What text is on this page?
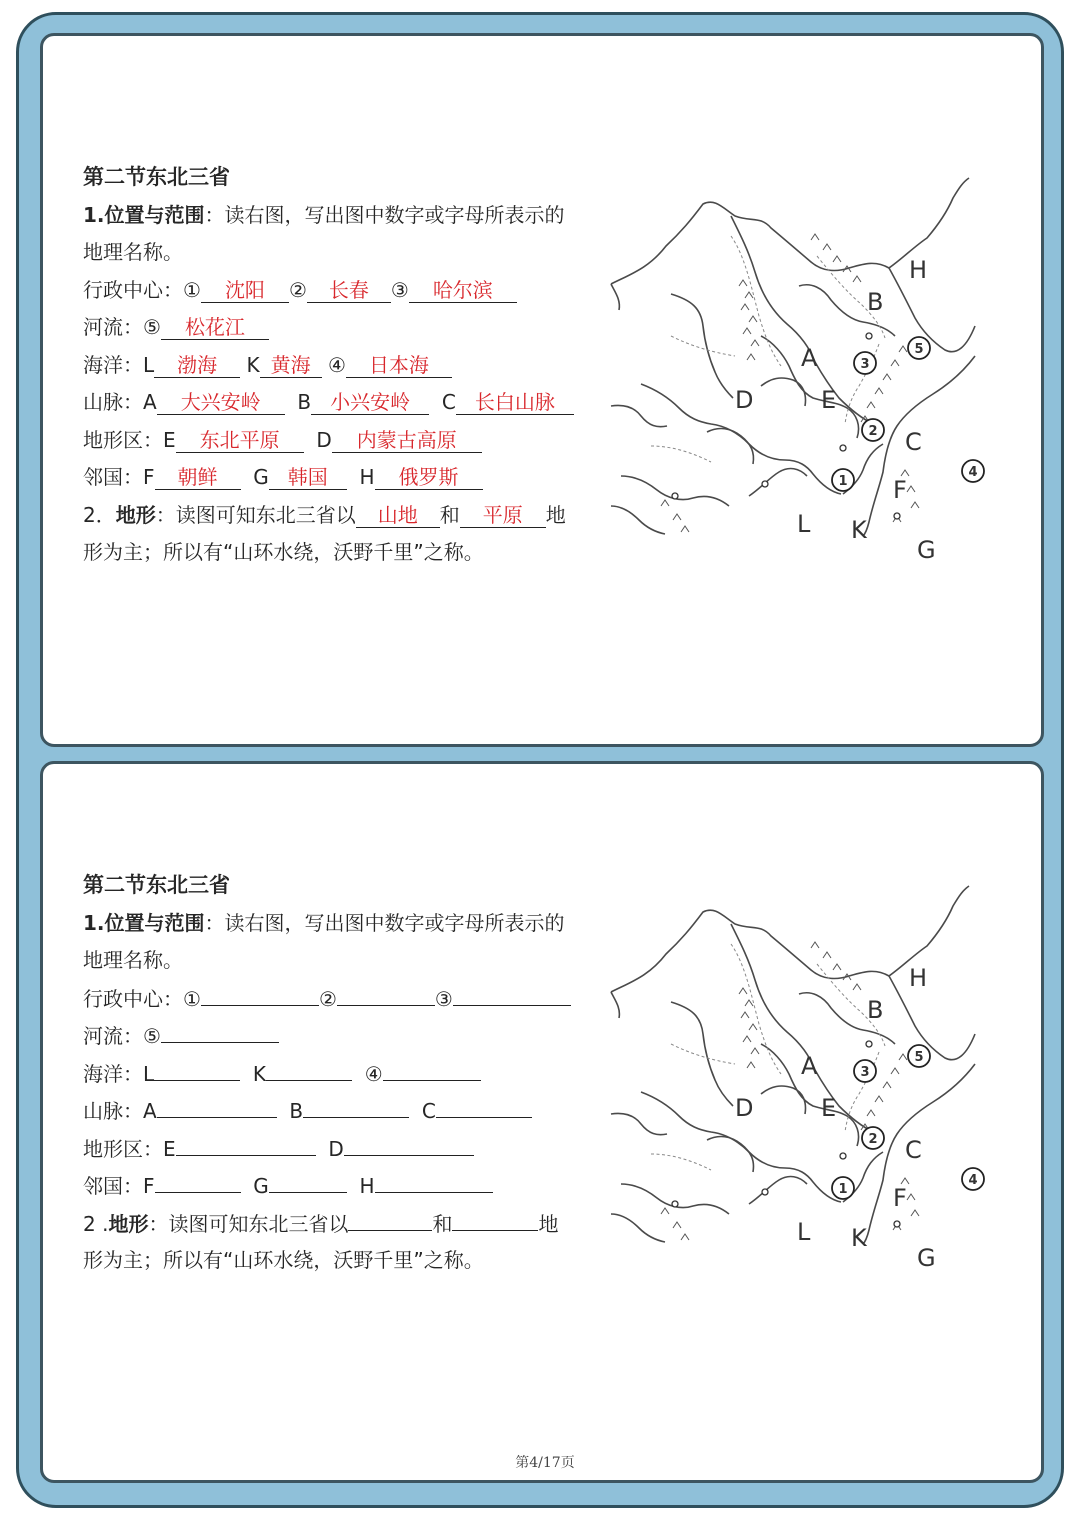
第二节东北三省
1.位置与范围：读右图，写出图中数字或字母所表示的
地理名称。
行政中心：① 沈阳 ② 长春 ③ 哈尔滨
河流：⑤ 松花江
海洋：L 渤海 K 黄海 ④ 日本海
山脉：A 大兴安岭 B 小兴安岭 C 长白山脉
地形区：E 东北平原 D 内蒙古高原
邻国：F 朝鲜 G 韩国 H 俄罗斯
2．地形：读图可知东北三省以 山地 和 平原 地
形为主；所以有“山环水绕，沃野千里”之称。
H
B
A
D	E
C
F
L K
G
1
2
3
4
5
第二节东北三省
1.位置与范围：读右图，写出图中数字或字母所表示的
地理名称。
行政中心：①	②	③
河流：⑤
海洋：L	K	④
山脉：A	B	C
地形区：E	D
邻国：F	G	H
2 .地形：读图可知东北三省以	和	地
形为主；所以有“山环水绕，沃野千里”之称。
H
B
A
D	E
C
F
L K
G
1
2
3
4
5
第4/17页
